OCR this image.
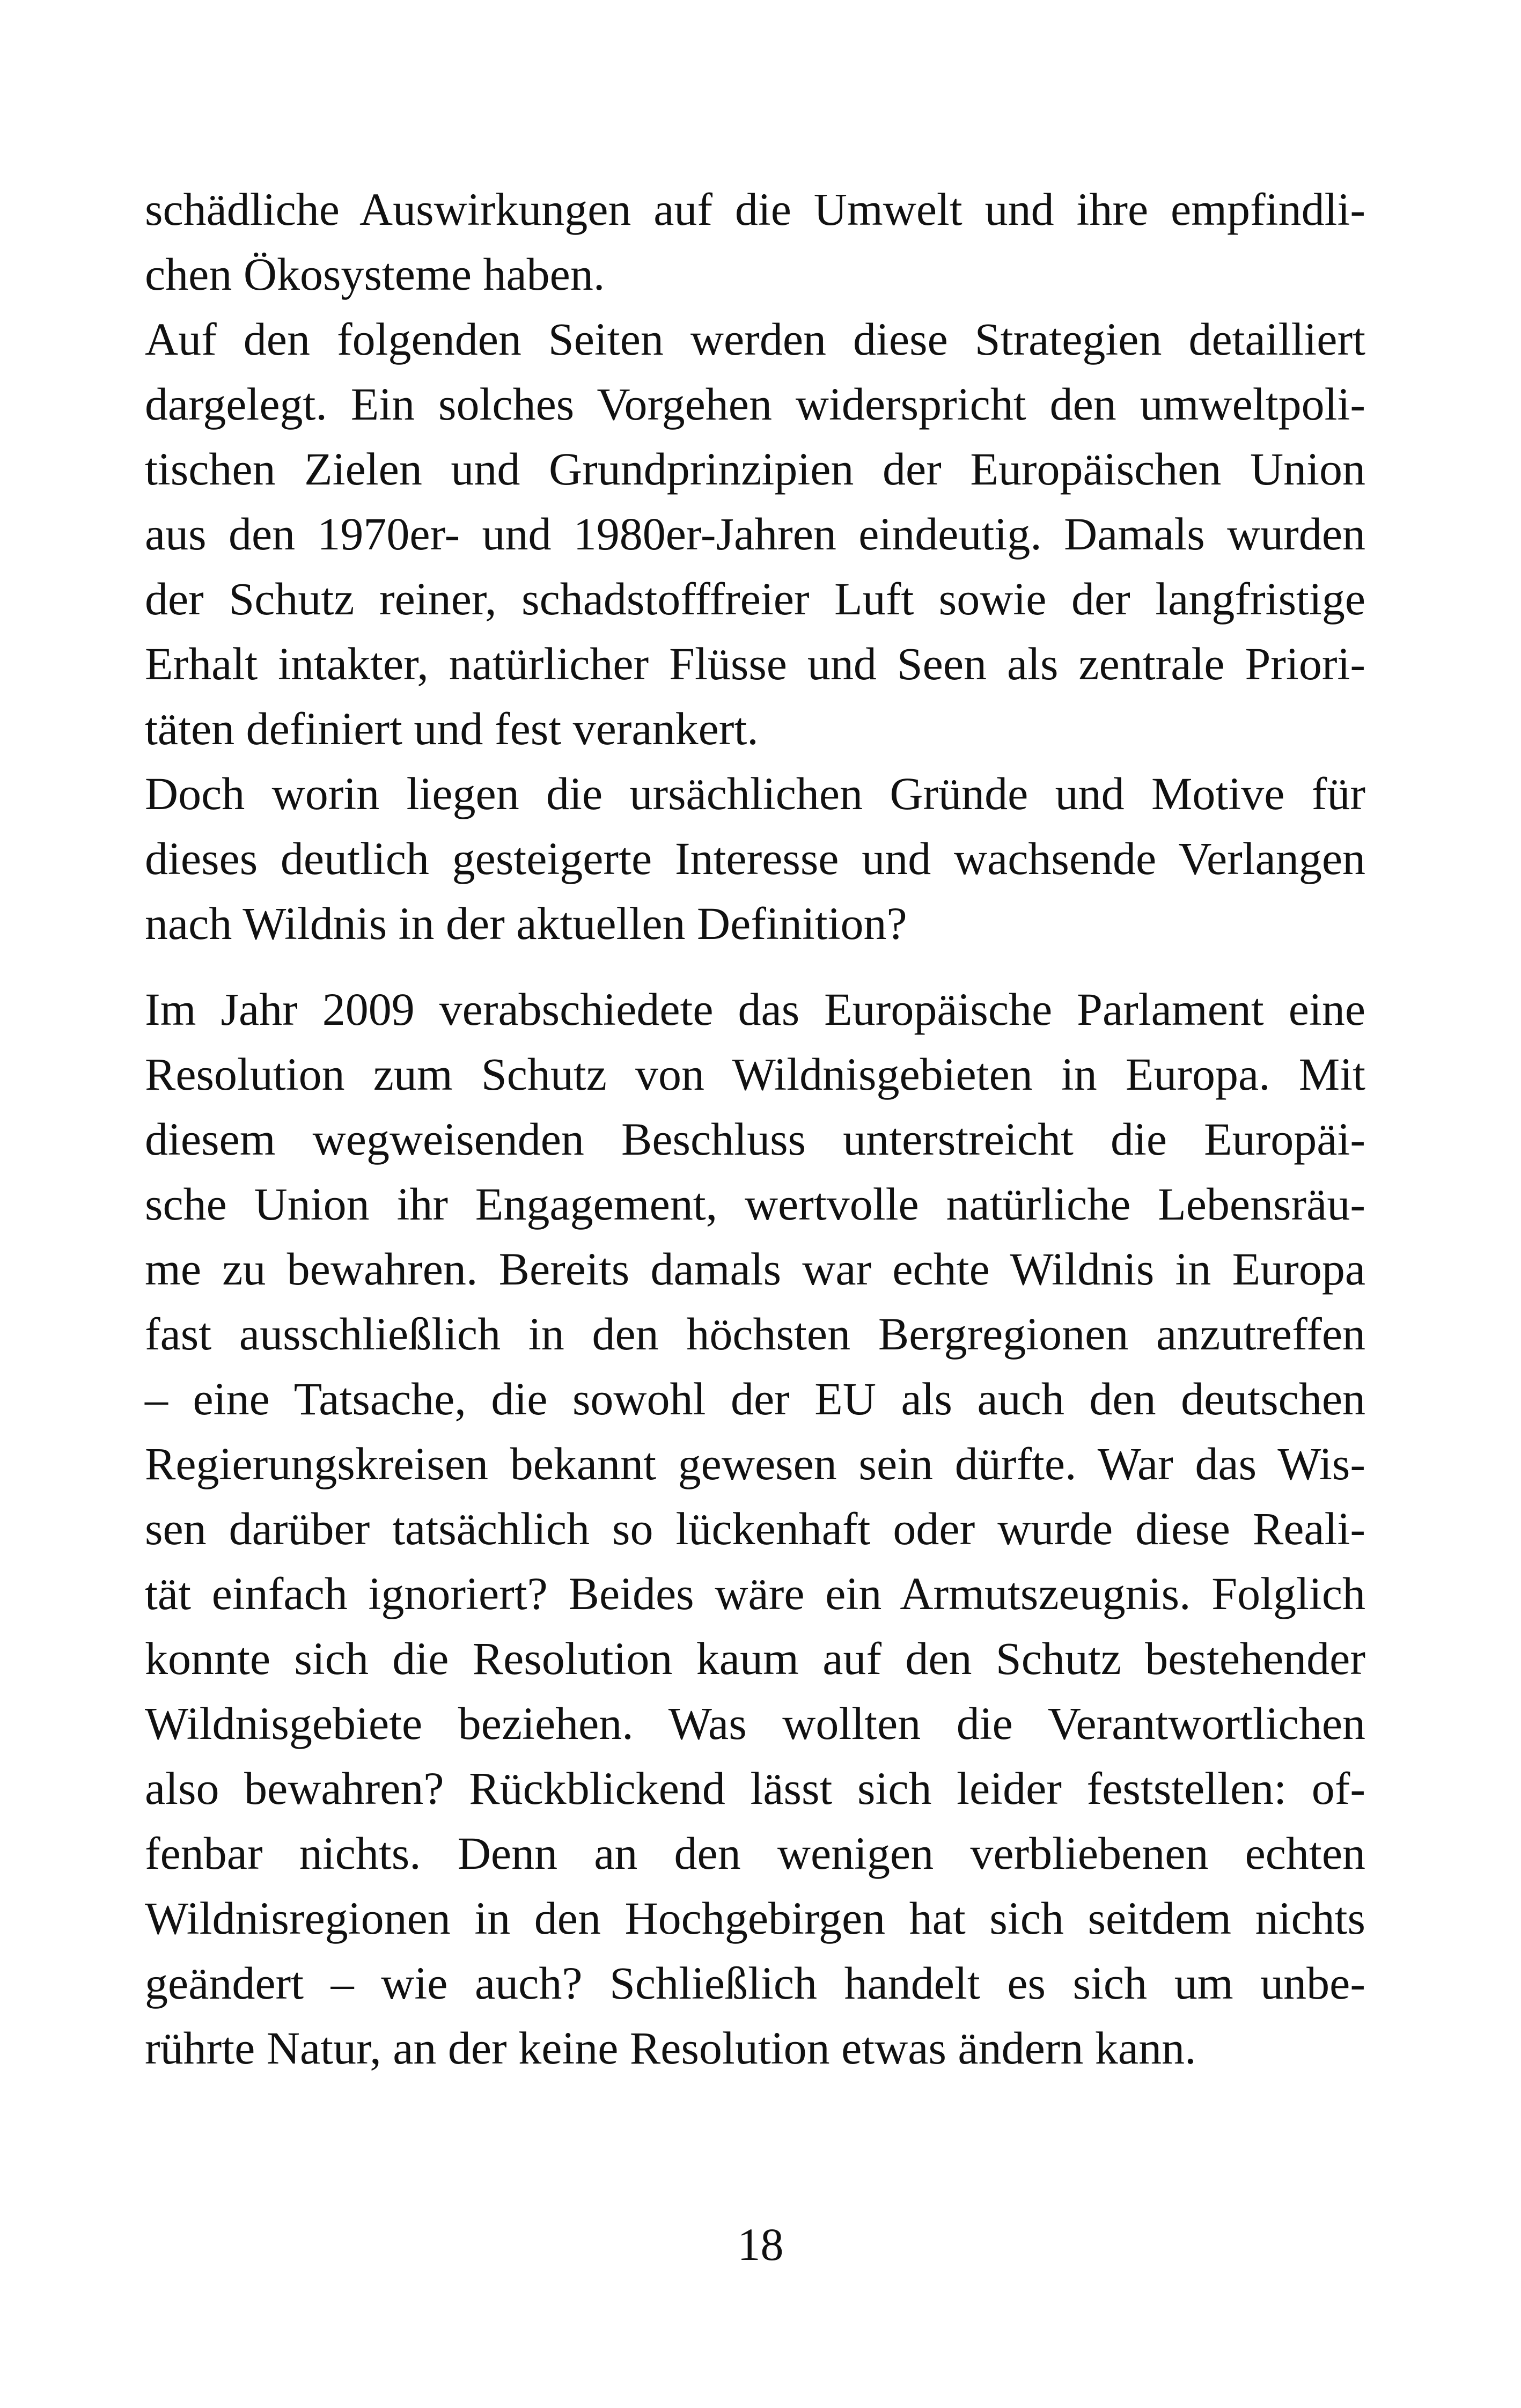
schädliche Auswirkungen auf die Umwelt und ihre empfindli-
chen Ökosysteme haben.
Auf den folgenden Seiten werden diese Strategien detailliert
dargelegt. Ein solches Vorgehen widerspricht den umweltpoli-
tischen Zielen und Grundprinzipien der Europäischen Union
aus den 1970er- und 1980er-Jahren eindeutig. Damals wurden
der Schutz reiner, schadstofffreier Luft sowie der langfristige
Erhalt intakter, natürlicher Flüsse und Seen als zentrale Priori-
täten definiert und fest verankert.
Doch worin liegen die ursächlichen Gründe und Motive für
dieses deutlich gesteigerte Interesse und wachsende Verlangen
nach Wildnis in der aktuellen Definition?
Im Jahr 2009 verabschiedete das Europäische Parlament eine
Resolution zum Schutz von Wildnisgebieten in Europa. Mit
diesem wegweisenden Beschluss unterstreicht die Europäi-
sche Union ihr Engagement, wertvolle natürliche Lebensräu-
me zu bewahren. Bereits damals war echte Wildnis in Europa
fast ausschließlich in den höchsten Bergregionen anzutreffen
– eine Tatsache, die sowohl der EU als auch den deutschen
Regierungskreisen bekannt gewesen sein dürfte. War das Wis-
sen darüber tatsächlich so lückenhaft oder wurde diese Reali-
tät einfach ignoriert? Beides wäre ein Armutszeugnis. Folglich
konnte sich die Resolution kaum auf den Schutz bestehender
Wildnisgebiete beziehen. Was wollten die Verantwortlichen
also bewahren? Rückblickend lässt sich leider feststellen: of-
fenbar nichts. Denn an den wenigen verbliebenen echten
Wildnisregionen in den Hochgebirgen hat sich seitdem nichts
geändert – wie auch? Schließlich handelt es sich um unbe-
rührte Natur, an der keine Resolution etwas ändern kann.
18
